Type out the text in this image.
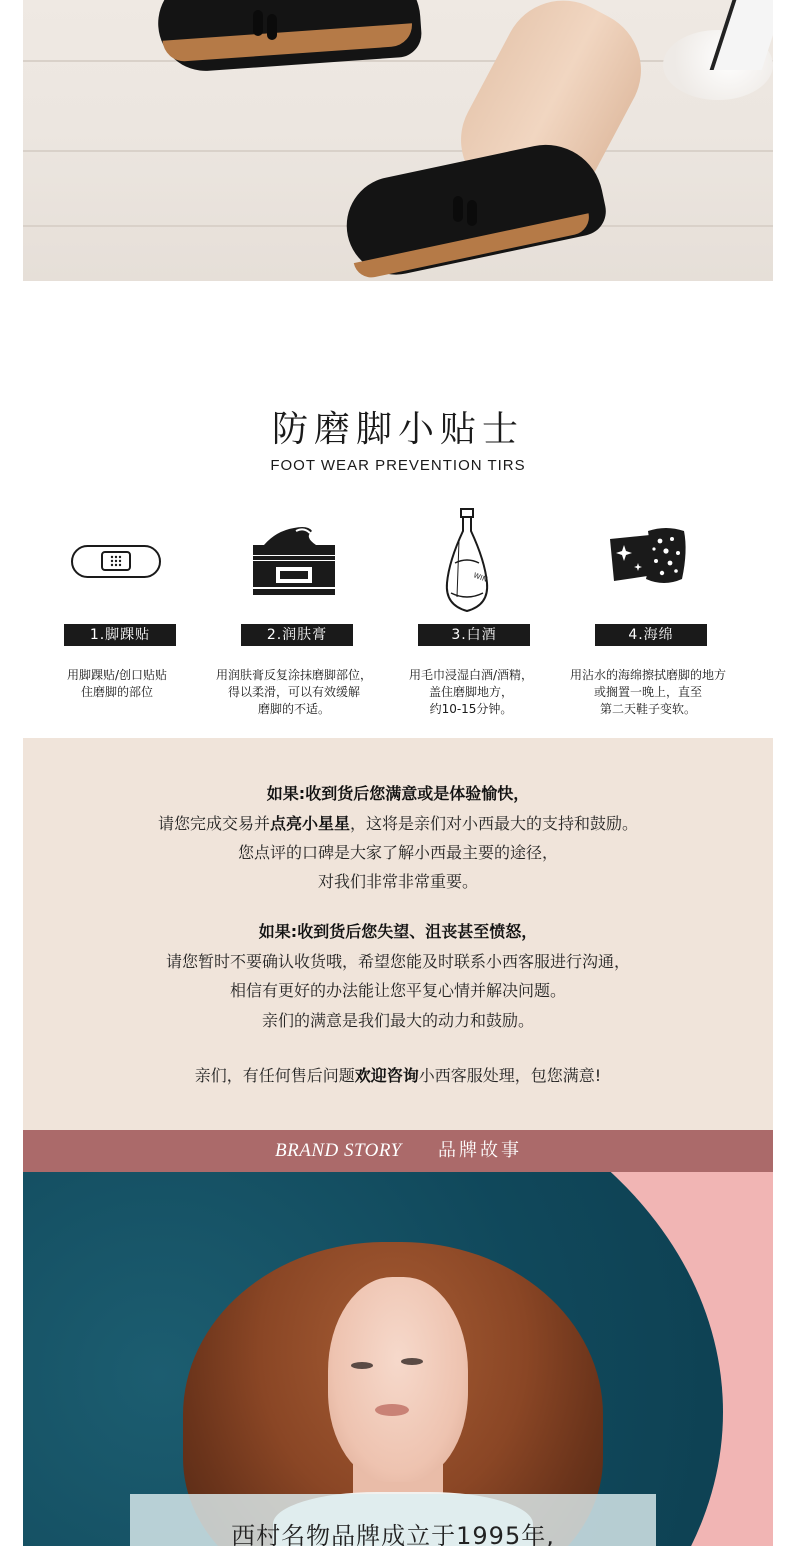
防磨脚小贴士
FOOT WEAR PREVENTION TIRS
1.脚踝贴
用脚踝贴/创口贴贴
住磨脚的部位
2.润肤膏
用润肤膏反复涂抹磨脚部位，
得以柔滑，可以有效缓解
磨脚的不适。
WIN
3.白酒
用毛巾浸湿白酒/酒精，
盖住磨脚地方，
约10-15分钟。
4.海绵
用沾水的海绵擦拭磨脚的地方
或搁置一晚上，直至
第二天鞋子变软。

如果:收到货后您满意或是体验愉快，

请您完成交易并点亮小星星，这将是亲们对小西最大的支持和鼓励。

您点评的口碑是大家了解小西最主要的途径，

对我们非常非常重要。

如果:收到货后您失望、沮丧甚至愤怒，

请您暂时不要确认收货哦，希望您能及时联系小西客服进行沟通，

相信有更好的办法能让您平复心情并解决问题。

亲们的满意是我们最大的动力和鼓励。

亲们，有任何售后问题欢迎咨询小西客服处理，包您满意!

BRAND STORY 品牌故事
西村名物品牌成立于1995年,
